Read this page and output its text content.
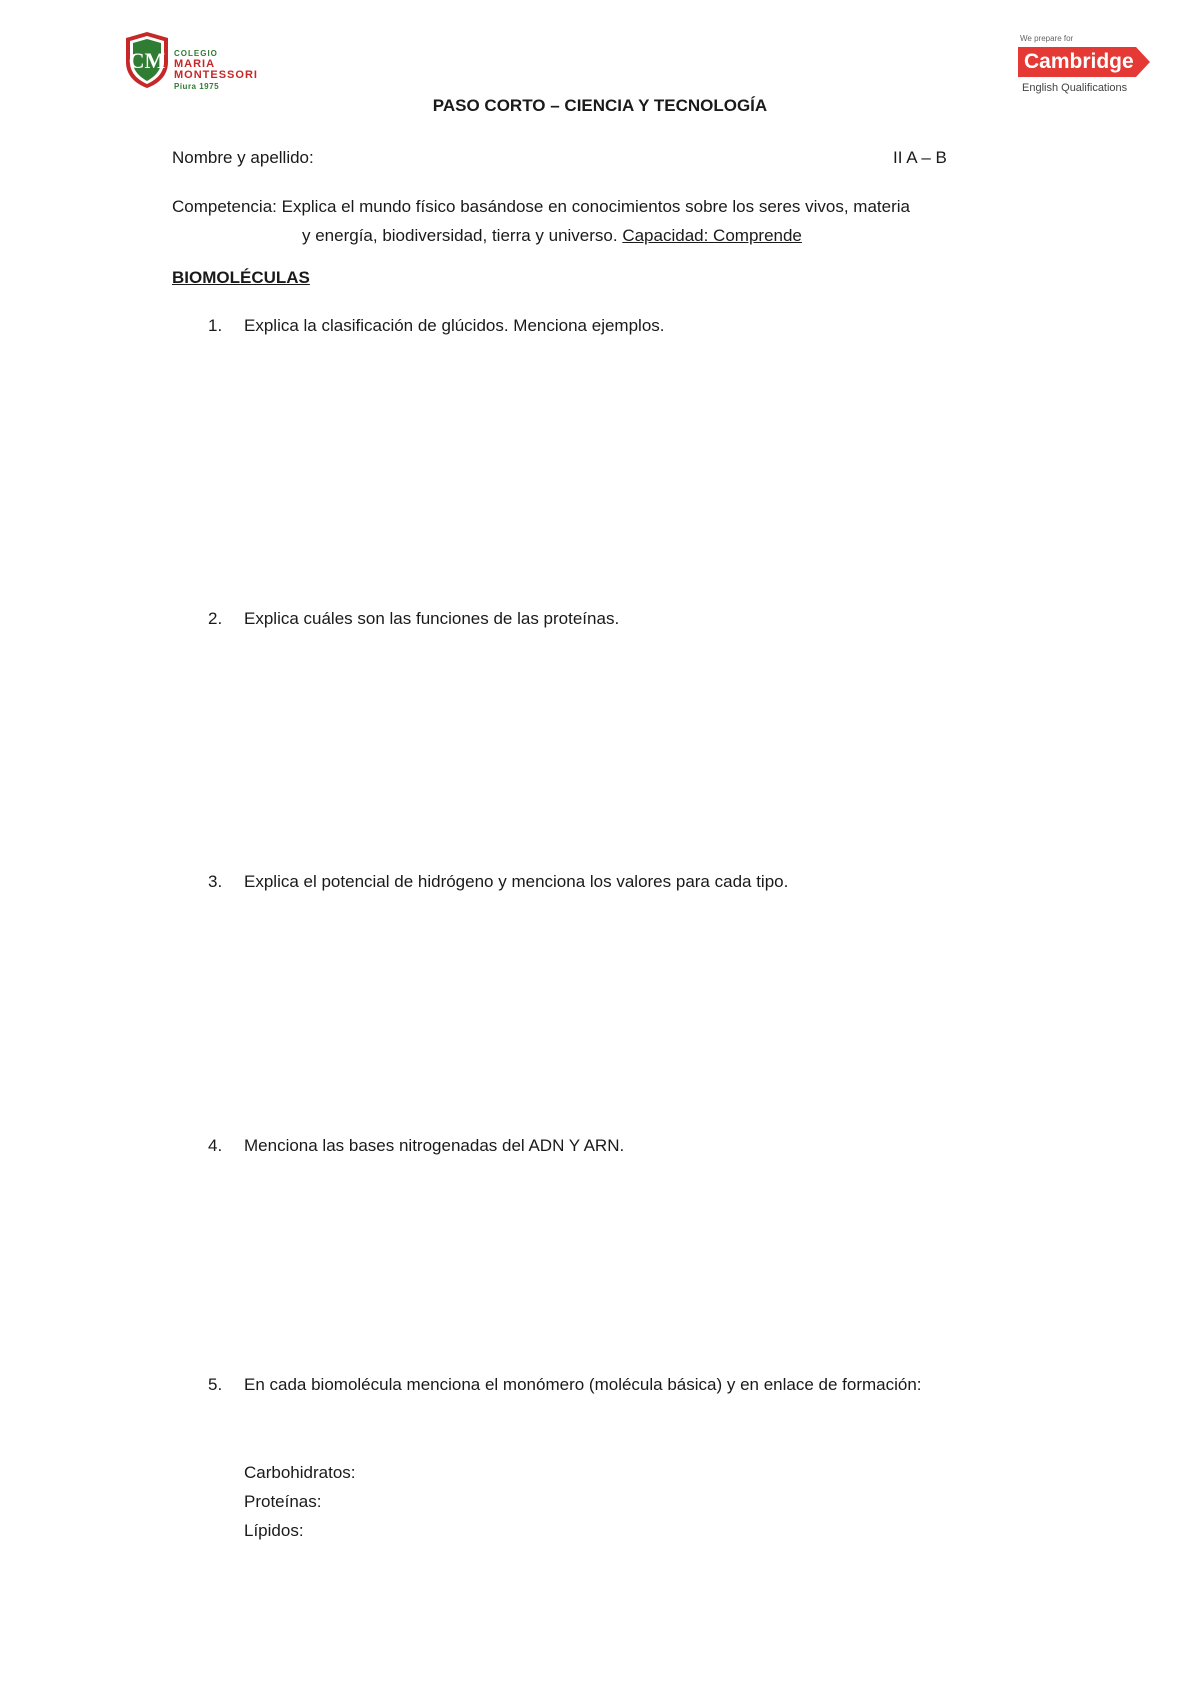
CM COLEGIO
MARIA
MONTESSORI
Piura 1975
We prepare for
Cambridge
English Qualifications
PASO CORTO – CIENCIA Y TECNOLOGÍA
Nombre y apellido:	II A – B
Competencia: Explica el mundo físico basándose en conocimientos sobre los seres vivos, materia
y energía, biodiversidad, tierra y universo. Capacidad: Comprende
BIOMOLÉCULAS
1. Explica la clasificación de glúcidos. Menciona ejemplos.
2. Explica cuáles son las funciones de las proteínas.
3. Explica el potencial de hidrógeno y menciona los valores para cada tipo.
4. Menciona las bases nitrogenadas del ADN Y ARN.
5. En cada biomolécula menciona el monómero (molécula básica) y en enlace de formación:
Carbohidratos:
Proteínas:
Lípidos:
